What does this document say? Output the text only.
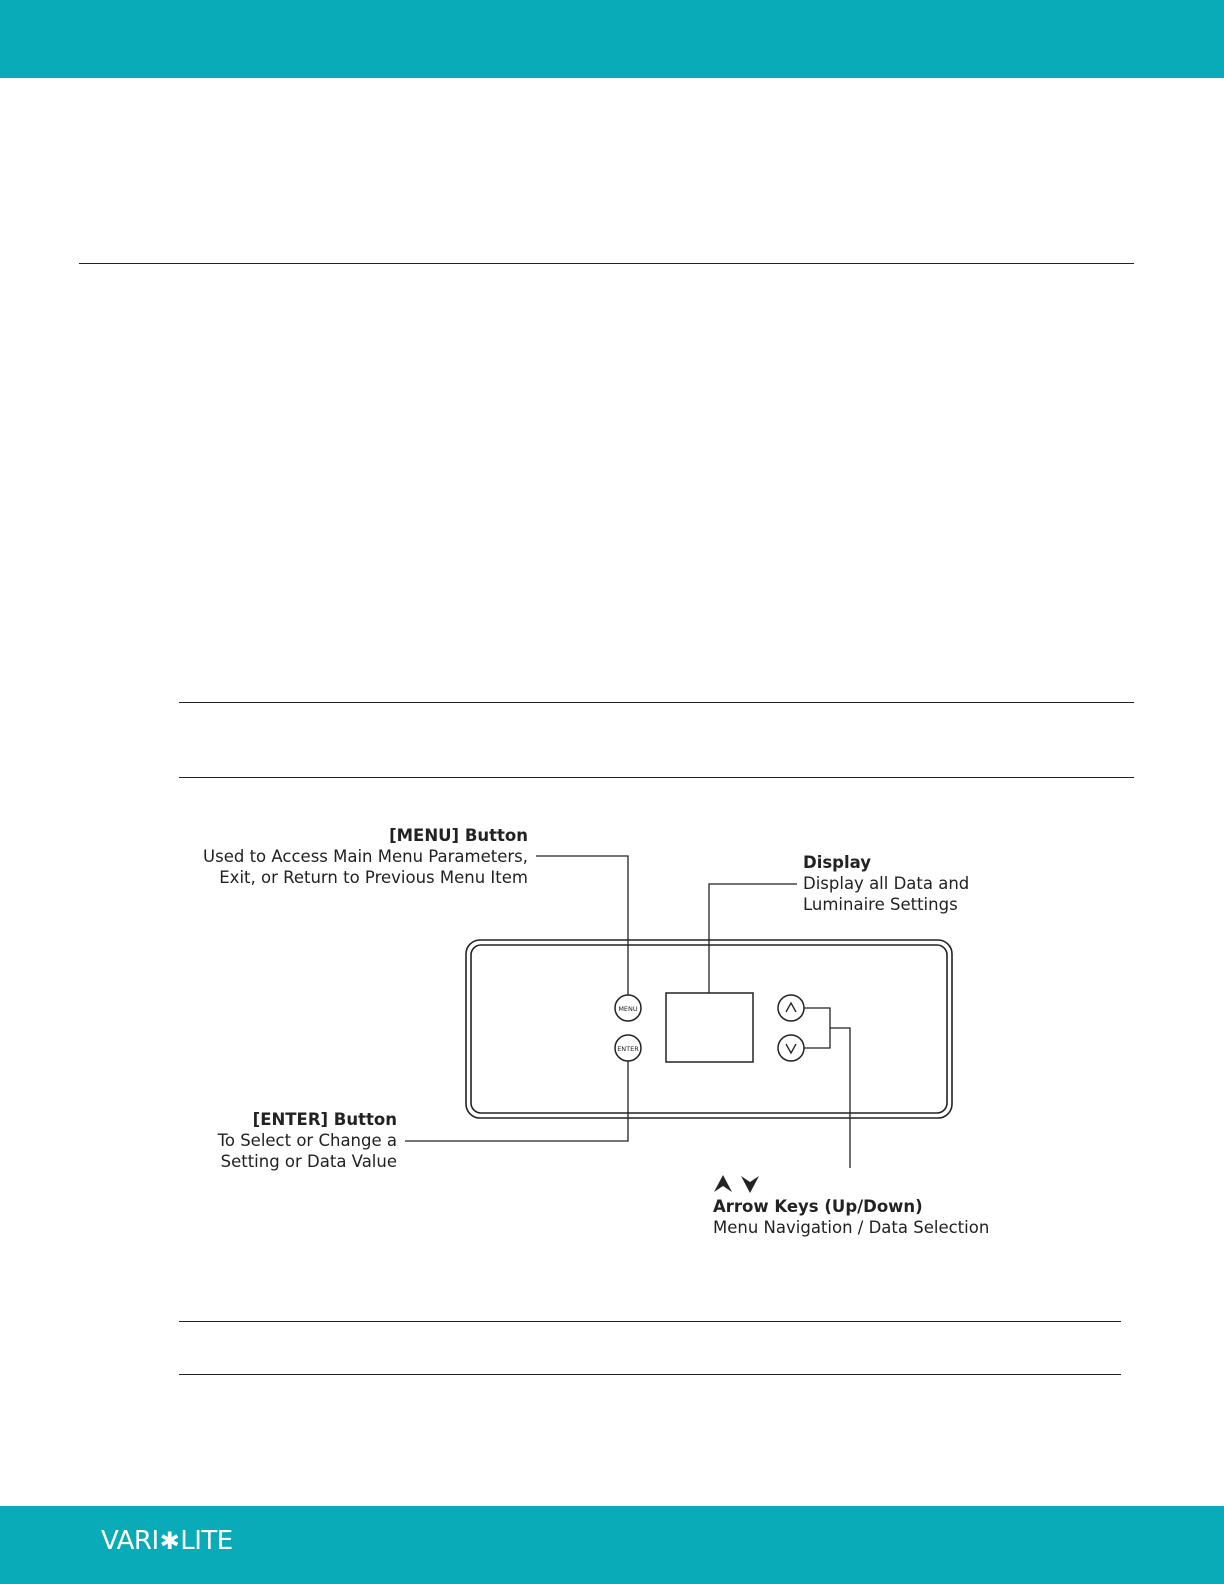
MENU
ENTER
[MENU] Button
Used to Access Main Menu Parameters,
Exit, or Return to Previous Menu Item
Display
Display all Data and
Luminaire Settings
[ENTER] Button
To Select or Change a
Setting or Data Value
Arrow Keys (Up/Down)
Menu Navigation / Data Selection
VARI ✱ LITE
